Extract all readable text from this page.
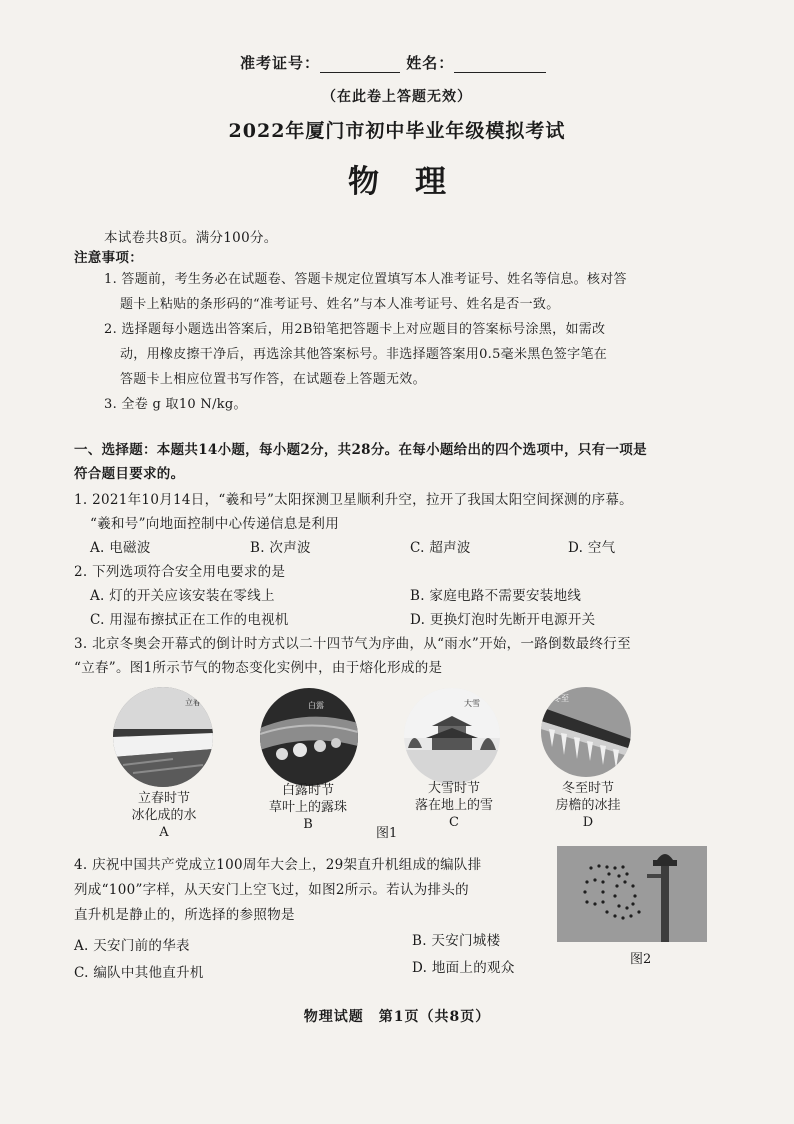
准考证号：	姓名：
（在此卷上答题无效）
2022年厦门市初中毕业年级模拟考试
物理
本试卷共8页。满分100分。
注意事项：
1. 答题前，考生务必在试题卷、答题卡规定位置填写本人准考证号、姓名等信息。核对答
题卡上粘贴的条形码的“准考证号、姓名”与本人准考证号、姓名是否一致。
2. 选择题每小题选出答案后，用2B铅笔把答题卡上对应题目的答案标号涂黑，如需改
动，用橡皮擦干净后，再选涂其他答案标号。非选择题答案用0.5毫米黑色签字笔在
答题卡上相应位置书写作答，在试题卷上答题无效。
3. 全卷 g 取10 N/kg。
一、选择题：本题共14小题，每小题2分，共28分。在每小题给出的四个选项中，只有一项是
符合题目要求的。
1. 2021年10月14日，“羲和号”太阳探测卫星顺利升空，拉开了我国太阳空间探测的序幕。
“羲和号”向地面控制中心传递信息是利用
A. 电磁波	B. 次声波	C. 超声波	D. 空气
2. 下列选项符合安全用电要求的是
A. 灯的开关应该安装在零线上	B. 家庭电路不需要安装地线
C. 用湿布擦拭正在工作的电视机	D. 更换灯泡时先断开电源开关
3. 北京冬奥会开幕式的倒计时方式以二十四节气为序曲，从“雨水”开始，一路倒数最终行至
“立春”。图1所示节气的物态变化实例中，由于熔化形成的是
立春	白露	大雪
冬至
立春时节
冰化成的水
A
白露时节
草叶上的露珠
B
图1
大雪时节
落在地上的雪
C
冬至时节
房檐的冰挂
D
4. 庆祝中国共产党成立100周年大会上，29架直升机组成的编队排
列成“100”字样，从天安门上空飞过，如图2所示。若认为排头的
直升机是静止的，所选择的参照物是
A. 天安门前的华表	B. 天安门城楼
C. 编队中其他直升机	D. 地面上的观众
图2
物理试题　第1页（共8页）
